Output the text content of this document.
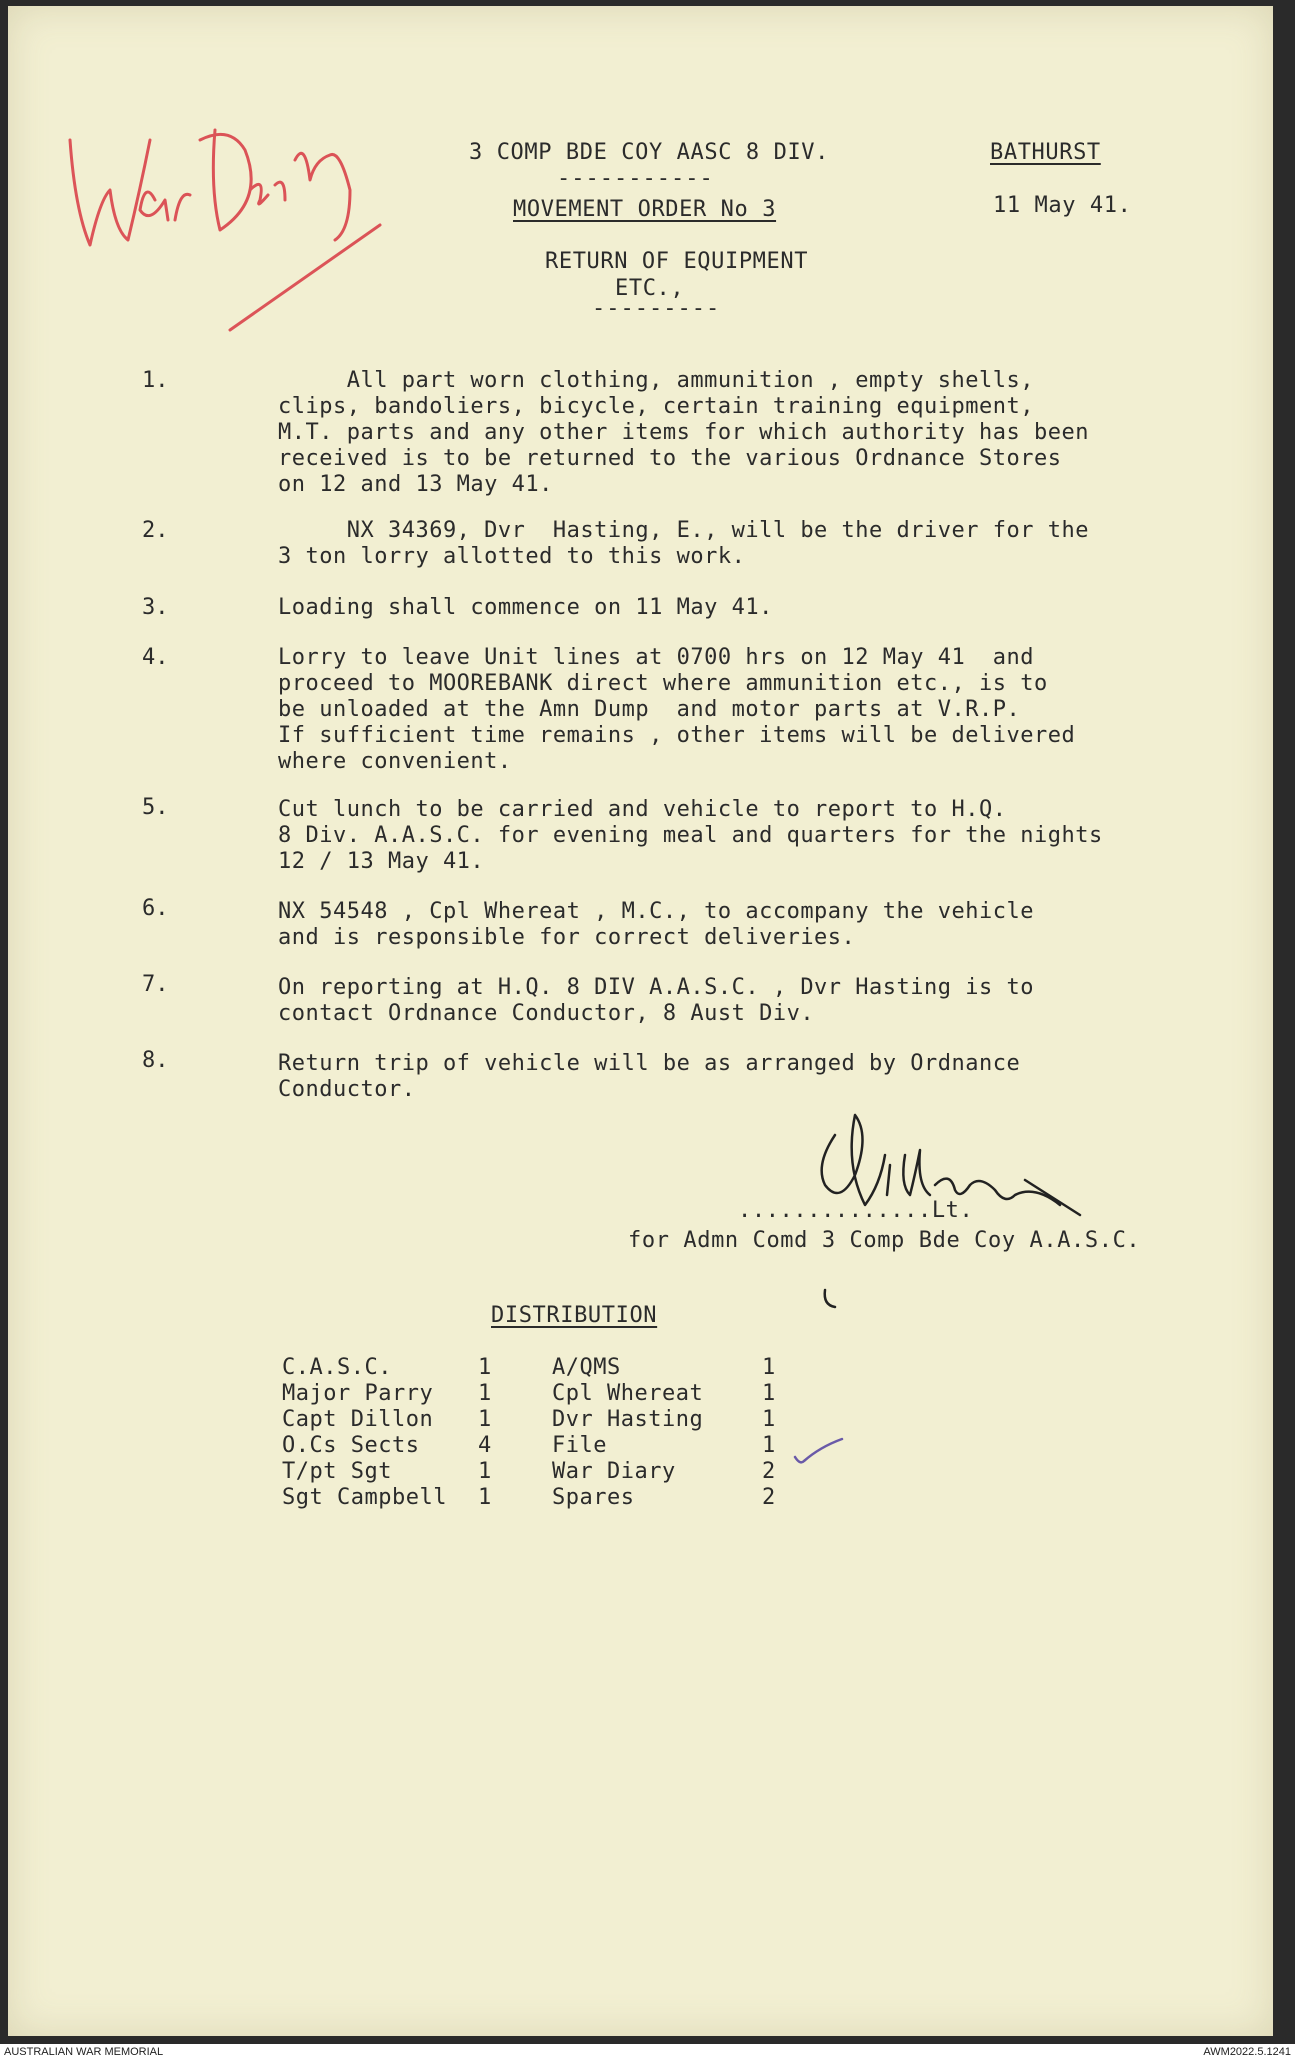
3 COMP BDE COY AASC 8 DIV.
-----------
BATHURST
11 May 41.
MOVEMENT ORDER No 3
RETURN OF EQUIPMENT
ETC.,
---------
1.	All part worn clothing, ammunition , empty shells,
clips, bandoliers, bicycle, certain training equipment,
M.T. parts and any other items for which authority has been
received is to be returned to the various Ordnance Stores
on 12 and 13 May 41.
2.	NX 34369, Dvr  Hasting, E., will be the driver for the
3 ton lorry allotted to this work.
3.	Loading shall commence on 11 May 41.
4.	Lorry to leave Unit lines at 0700 hrs on 12 May 41  and
proceed to MOOREBANK direct where ammunition etc., is to
be unloaded at the Amn Dump  and motor parts at V.R.P.
If sufficient time remains , other items will be delivered
where convenient.
5.	Cut lunch to be carried and vehicle to report to H.Q.
8 Div. A.A.S.C. for evening meal and quarters for the nights
12 / 13 May 41.
6.	NX 54548 , Cpl Whereat , M.C., to accompany the vehicle
and is responsible for correct deliveries.
7.	On reporting at H.Q. 8 DIV A.A.S.C. , Dvr Hasting is to
contact Ordnance Conductor, 8 Aust Div.
8.	Return trip of vehicle will be as arranged by Ordnance
Conductor.
..............Lt.
for Admn Comd 3 Comp Bde Coy A.A.S.C.
DISTRIBUTION
C.A.S.C.	1	A/QMS	1
Major Parry 1	Cpl Whereat	1
Capt Dillon 1	Dvr Hasting	1
O.Cs Sects	4	File	1
T/pt Sgt	1	War Diary	2
Sgt Campbell 1	Spares	2
AUSTRALIAN WAR MEMORIAL	AWM2022.5.1241
